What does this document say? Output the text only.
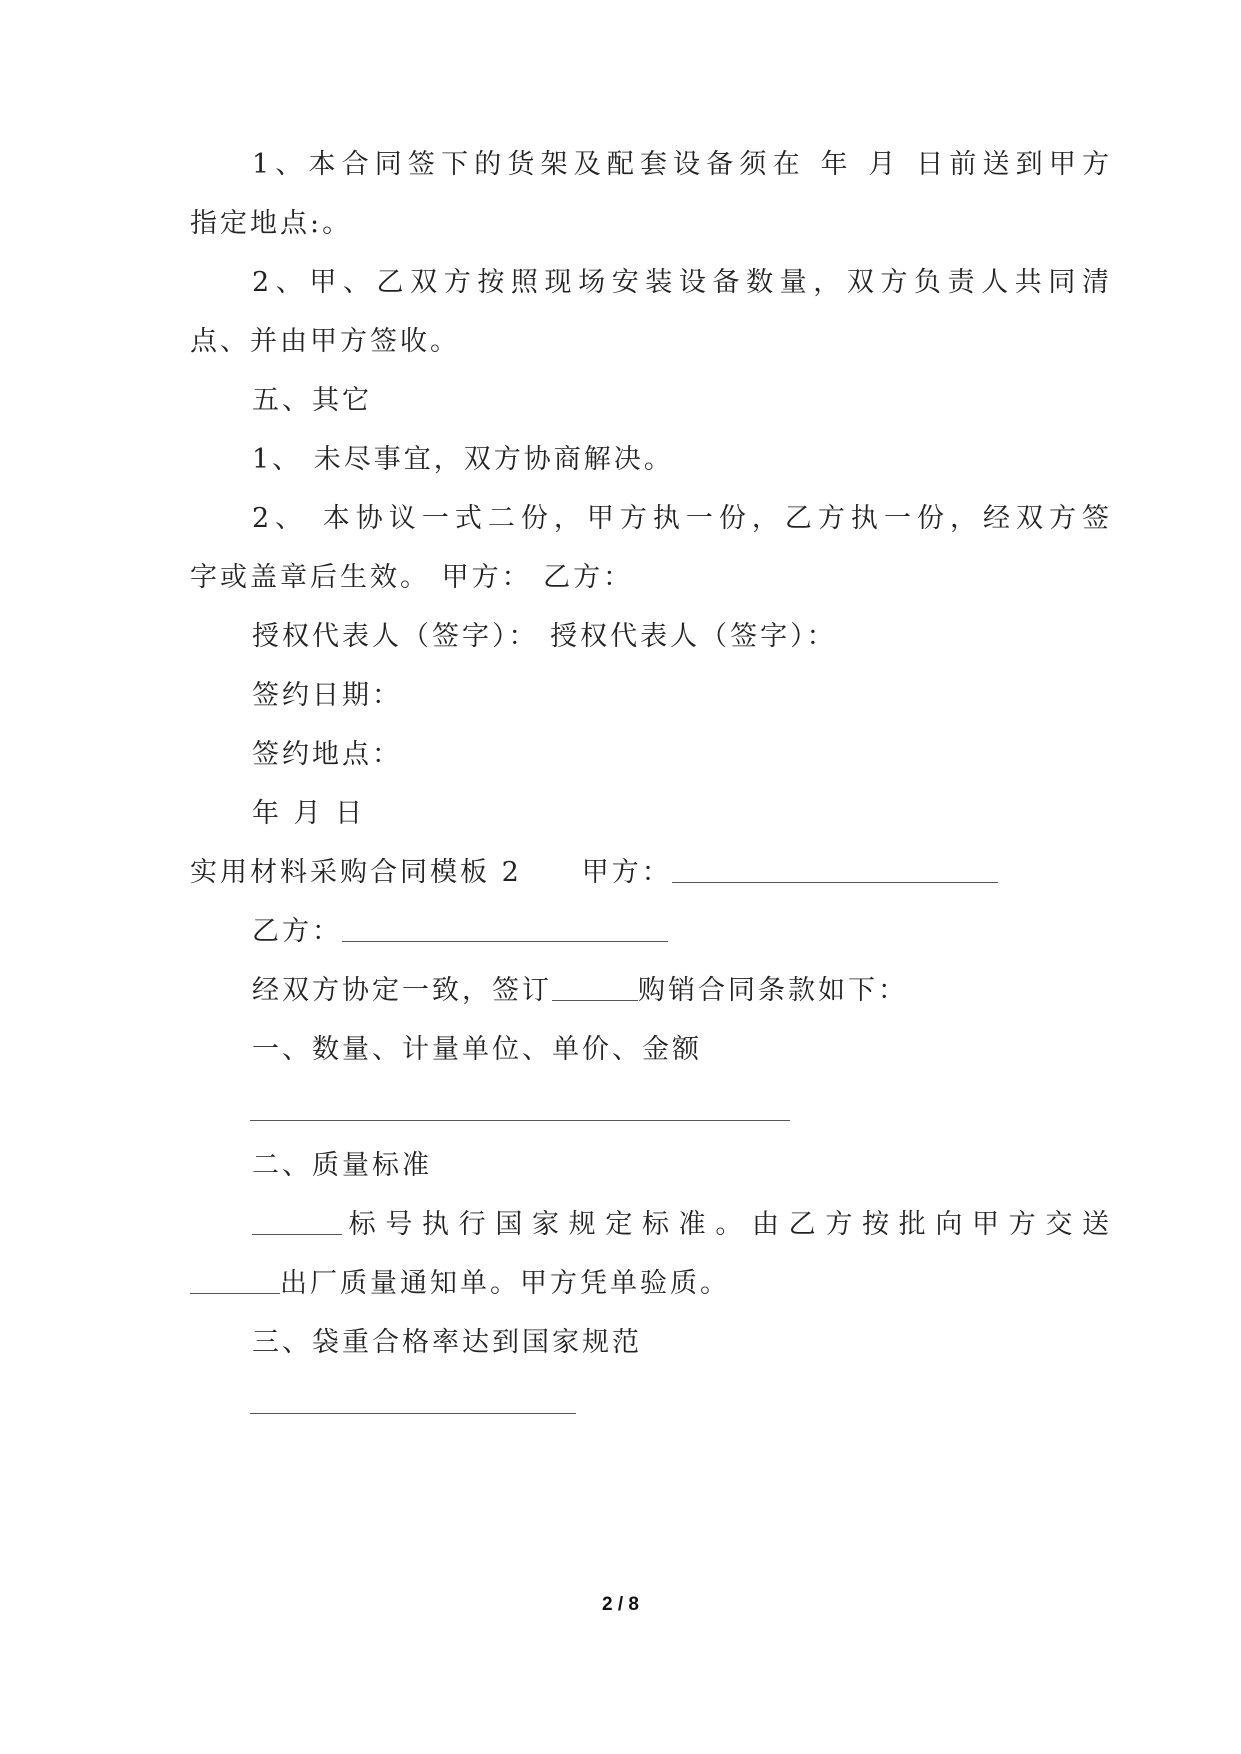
1、本合同签下的货架及配套设备须在 年 月 日前送到甲方
指定地点:。
2、甲、乙双方按照现场安装设备数量，双方负责人共同清
点、并由甲方签收。
五、其它
1、 未尽事宜，双方协商解决。
2、 本协议一式二份，甲方执一份，乙方执一份，经双方签
字或盖章后生效。 甲方： 乙方：
授权代表人（签字）： 授权代表人（签字）：
签约日期：
签约地点：
年 月 日
实用材料采购合同模板 2 甲方：
乙方：
经双方协定一致，签订	购销合同条款如下：
一、数量、计量单位、单价、金额
二、质量标准
标号执行国家规定标准。由乙方按批向甲方交送
出厂质量通知单。甲方凭单验质。
三、袋重合格率达到国家规范
2 / 8
